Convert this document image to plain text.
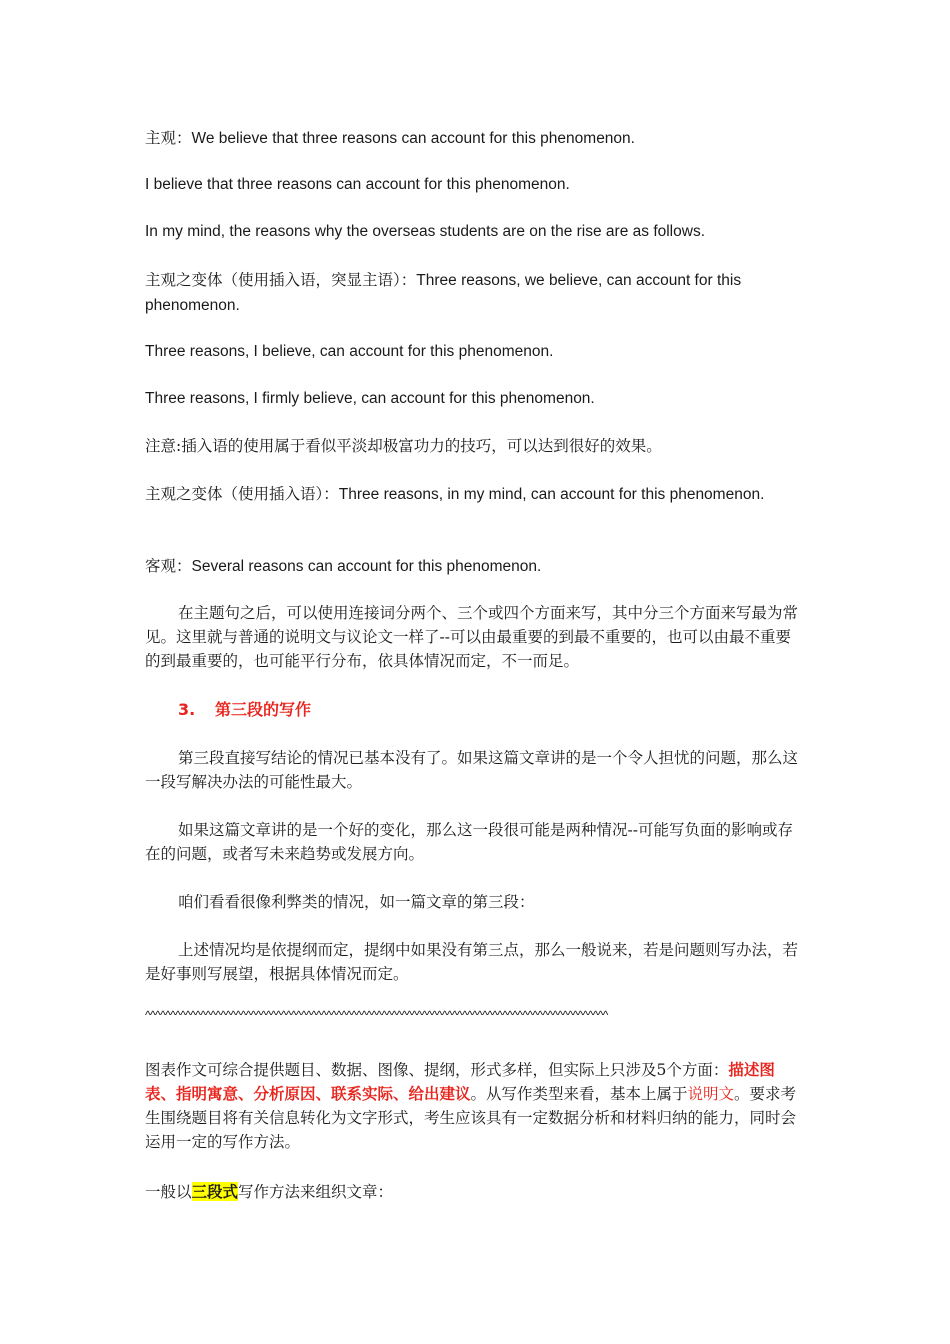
主观：We believe that three reasons can account for this phenomenon.

I believe that three reasons can account for this phenomenon.

In my mind, the reasons why the overseas students are on the rise are as follows.

主观之变体（使用插入语，突显主语）：Three reasons, we believe, can account for this phenomenon.

Three reasons, I believe, can account for this phenomenon.

Three reasons, I firmly believe, can account for this phenomenon.

注意:插入语的使用属于看似平淡却极富功力的技巧，可以达到很好的效果。

主观之变体（使用插入语）：Three reasons, in my mind, can account for this phenomenon.

客观：Several reasons can account for this phenomenon.

在主题句之后，可以使用连接词分两个、三个或四个方面来写，其中分三个方面来写最为常见。这里就与普通的说明文与议论文一样了--可以由最重要的到最不重要的，也可以由最不重要的到最重要的，也可能平行分布，依具体情况而定，不一而足。

3. 第三段的写作

第三段直接写结论的情况已基本没有了。如果这篇文章讲的是一个令人担忧的问题，那么这一段写解决办法的可能性最大。

如果这篇文章讲的是一个好的变化，那么这一段很可能是两种情况--可能写负面的影响或存在的问题，或者写未来趋势或发展方向。

咱们看看很像利弊类的情况，如一篇文章的第三段：

上述情况均是依提纲而定，提纲中如果没有第三点，那么一般说来，若是问题则写办法，若是好事则写展望，根据具体情况而定。

^^^^^^^^^^^^^^^^^^^^^^^^^^^^^^^^^^^^^^^^^^^^^^^^^^^^^^^^^^^^^^^^^^^^^^^^^^^^^^^^^^^^^^^^^^^^

图表作文可综合提供题目、数据、图像、提纲，形式多样，但实际上只涉及5个方面：描述图表、指明寓意、分析原因、联系实际、给出建议。从写作类型来看，基本上属于说明文。要求考生围绕题目将有关信息转化为文字形式，考生应该具有一定数据分析和材料归纳的能力，同时会运用一定的写作方法。

一般以三段式写作方法来组织文章：
